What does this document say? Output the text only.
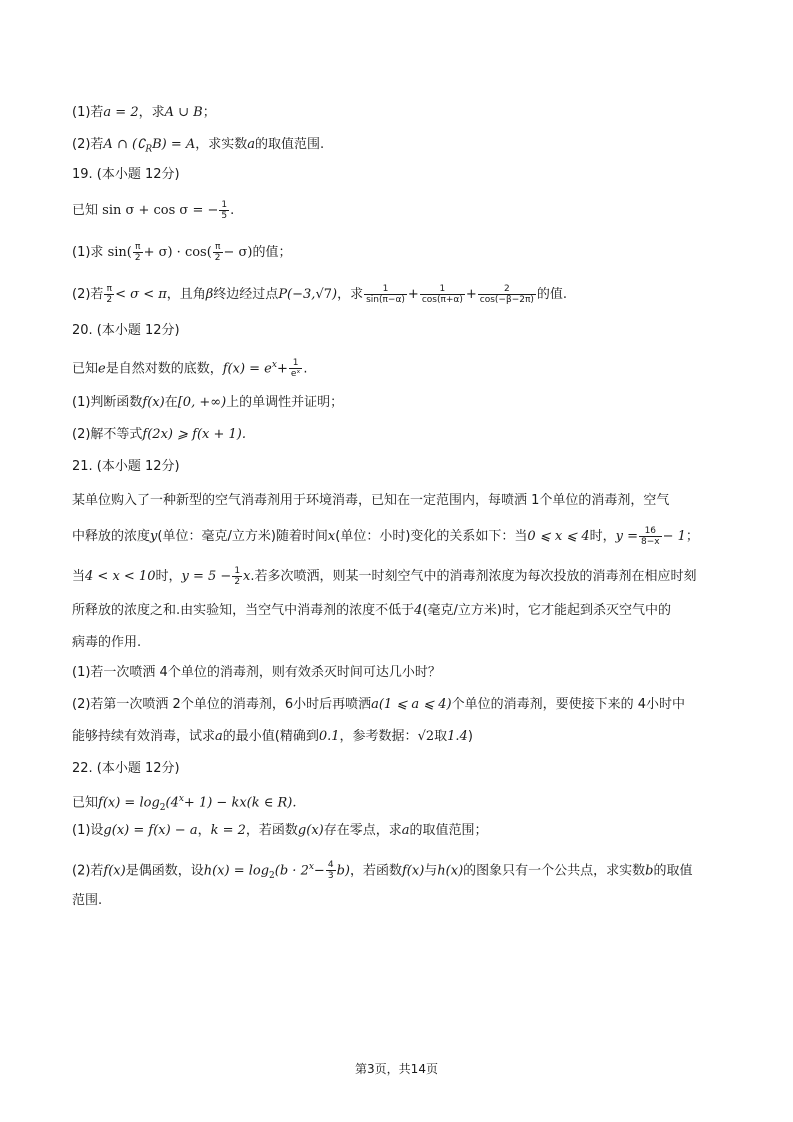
(1)若a = 2，求A ∪ B；
(2)若A ∩ $(∁_RB) = A$，求实数a的取值范围.
19. (本小题 12分)
已知 sin σ + cos σ = − $\frac{1}{5}$ .
(1)求 $\sin( \frac{\pi}{2} + \sigma) \cdot \cos( \frac{\pi}{2} - \sigma)$的值；
(2)若 $\frac{\pi}{2} < \sigma < \pi$，且角β终边经过点P(−3,√7)，求 $\frac{1}{\sin(\pi-\alpha)} + \frac{1}{\cos(\pi+\alpha)} + \frac{2}{\cos(-\beta-2\pi)}$ 的值.
20. (本小题 12分)
已知e是自然对数的底数，$f(x) = e^x+ \frac{1}{\text{eˣ}}$ .
(1)判断函数f(x)在[0, +∞)上的单调性并证明；
(2)解不等式f(2x) ⩾ f(x + 1).
21. (本小题 12分)
某单位购入了一种新型的空气消毒剂用于环境消毒，已知在一定范围内，每喷洒 1个单位的消毒剂，空气
中释放的浓度y(单位：毫克/立方米)随着时间x(单位：小时)变化的关系如下：当0 ⩽ x ⩽ 4时，$y = \frac{16}{8-x} - 1$；
当4 < x < 10时，$y = 5 - \frac{1}{2} x$.若多次喷洒，则某一时刻空气中的消毒剂浓度为每次投放的消毒剂在相应时刻
所释放的浓度之和.由实验知，当空气中消毒剂的浓度不低于4(毫克/立方米)时，它才能起到杀灭空气中的
病毒的作用.
(1)若一次喷洒 4个单位的消毒剂，则有效杀灭时间可达几小时？
(2)若第一次喷洒 2个单位的消毒剂，6小时后再喷洒a(1 ⩽ a ⩽ 4)个单位的消毒剂，要使接下来的 4小时中
能够持续有效消毒，试求a的最小值(精确到0.1，参考数据：√2取1.4)
22. (本小题 12分)
已知$f(x) = \log_2(4^x+ 1) - kx(k$ ∈ R).
(1)设g(x) = f(x) − a，k = 2，若函数g(x)存在零点，求a的取值范围；
(2)若f(x)是偶函数，设$h(x) = \log_2(b \cdot 2^x- \frac{4}{3} b)$，若函数f(x)与h(x)的图象只有一个公共点，求实数b的取值
范围.
第3页，共14页
